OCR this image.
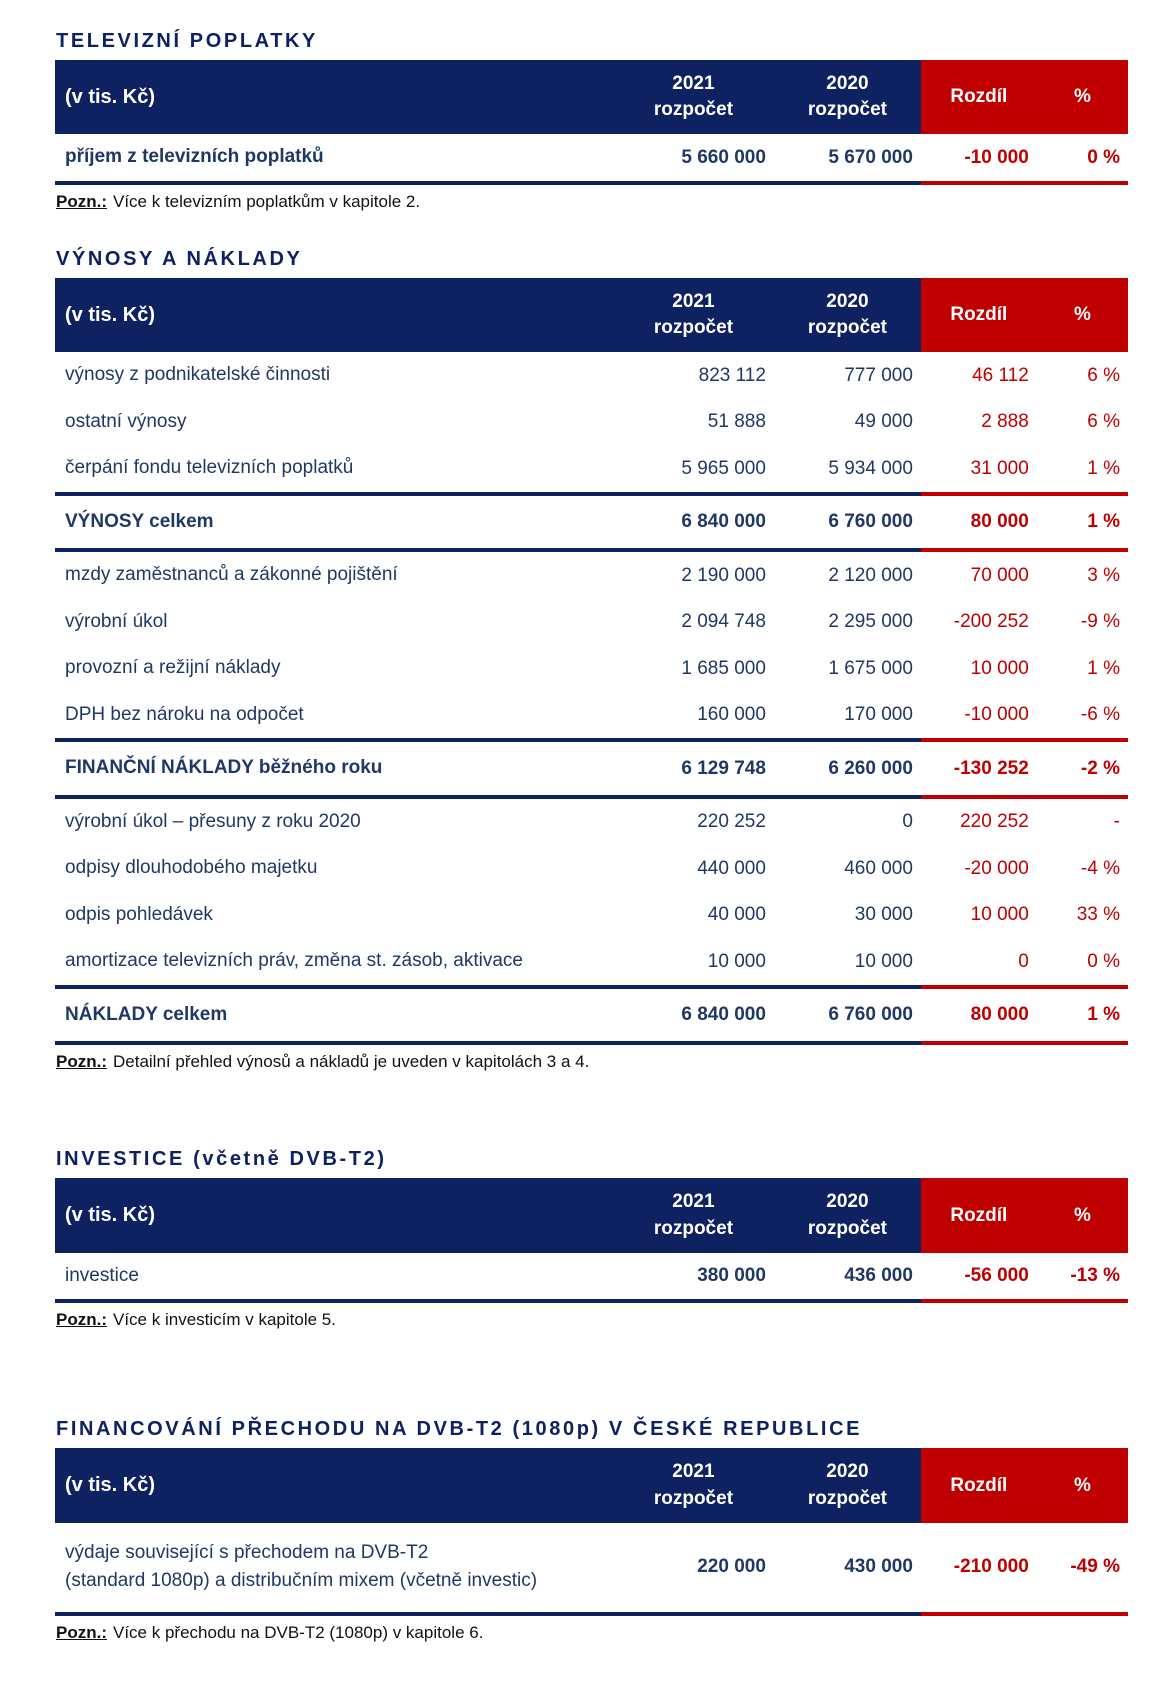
TELEVIZNÍ POPLATKY
(v tis. Kč)	
2021
rozpočet

2020
rozpočet
	Rozdíl	%

příjem z televizních poplatků	5 660 000	5 670 000	-10 000	0 %

Pozn.: Více k televizním poplatkům v kapitole 2.

VÝNOSY A NÁKLADY
(v tis. Kč)	
2021
rozpočet

2020
rozpočet
	Rozdíl	%

výnosy z podnikatelské činnosti	823 112	777 000	46 112	6 %

ostatní výnosy	51 888	49 000	2 888	6 %

čerpání fondu televizních poplatků	5 965 000	5 934 000	31 000	1 %

VÝNOSY celkem	6 840 000	6 760 000	80 000	1 %

mzdy zaměstnanců a zákonné pojištění	2 190 000	2 120 000	70 000	3 %

výrobní úkol	2 094 748	2 295 000	-200 252	-9 %

provozní a režijní náklady	1 685 000	1 675 000	10 000	1 %

DPH bez nároku na odpočet	160 000	170 000	-10 000	-6 %

FINANČNÍ NÁKLADY běžného roku	6 129 748	6 260 000	-130 252	-2 %

výrobní úkol – přesuny z roku 2020	220 252	0	220 252	-

odpisy dlouhodobého majetku	440 000	460 000	-20 000	-4 %

odpis pohledávek	40 000	30 000	10 000	33 %

amortizace televizních práv, změna st. zásob, aktivace	10 000	10 000	0	0 %

NÁKLADY celkem	6 840 000	6 760 000	80 000	1 %

Pozn.: Detailní přehled výnosů a nákladů je uveden v kapitolách 3 a 4.

INVESTICE (včetně DVB-T2)
(v tis. Kč)	
2021
rozpočet

2020
rozpočet
	Rozdíl	%

investice	380 000	436 000	-56 000	-13 %

Pozn.: Více k investicím v kapitole 5.

FINANCOVÁNÍ PŘECHODU NA DVB-T2 (1080p) V ČESKÉ REPUBLICE
(v tis. Kč)	
2021
rozpočet

2020
rozpočet
	Rozdíl	%

výdaje související s přechodem na DVB-T2
(standard 1080p) a distribučním mixem (včetně investic)	220 000	430 000	-210 000	-49 %

Pozn.: Více k přechodu na DVB-T2 (1080p) v kapitole 6.
